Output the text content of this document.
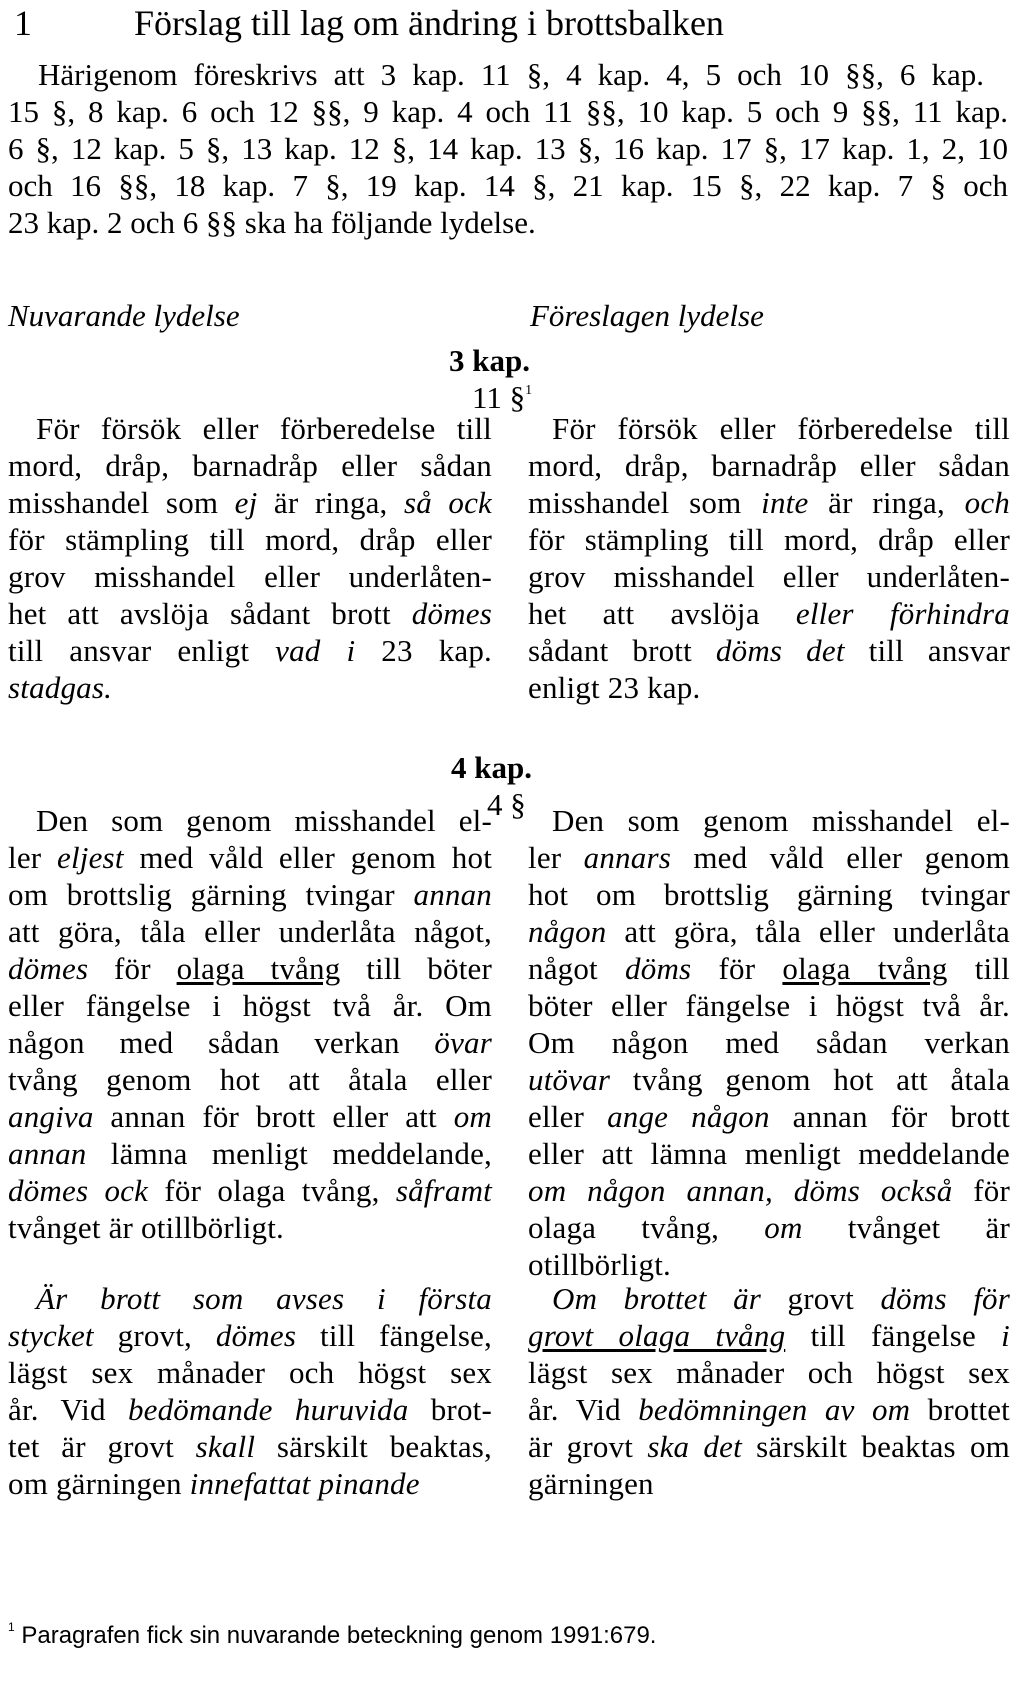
1	Förslag till lag om ändring i brottsbalken
Härigenom föreskrivs att 3 kap. 11 §, 4 kap. 4, 5 och 10 §§, 6 kap.
15 §, 8 kap. 6 och 12 §§, 9 kap. 4 och 11 §§, 10 kap. 5 och 9 §§, 11 kap.
6 §, 12 kap. 5 §, 13 kap. 12 §, 14 kap. 13 §, 16 kap. 17 §, 17 kap. 1, 2, 10
och 16 §§, 18 kap. 7 §, 19 kap. 14 §, 21 kap. 15 §, 22 kap. 7 § och
23 kap. 2 och 6 §§ ska ha följande lydelse.
Nuvarande lydelse	Föreslagen lydelse
3 kap.
11 §$^1$
4 kap.
4 §
För försök eller förberedelse till
mord, dråp, barnadråp eller sådan
misshandel som ej är ringa, så ock
för stämpling till mord, dråp eller
grov misshandel eller underlåten-
het att avslöja sådant brott dömes
till ansvar enligt vad i 23 kap.
stadgas.
Den som genom misshandel el-
ler eljest med våld eller genom hot
om brottslig gärning tvingar annan
att göra, tåla eller underlåta något,
dömes för olaga tvång till böter
eller fängelse i högst två år. Om
någon med sådan verkan övar
tvång genom hot att åtala eller
angiva annan för brott eller att om
annan lämna menligt meddelande,
dömes ock för olaga tvång, såframt
tvånget är otillbörligt.
Är brott som avses i första
stycket grovt, dömes till fängelse,
lägst sex månader och högst sex
år. Vid bedömande huruvida brot-
tet är grovt skall särskilt beaktas,
om gärningen innefattat pinande
För försök eller förberedelse till
mord, dråp, barnadråp eller sådan
misshandel som inte är ringa, och
för stämpling till mord, dråp eller
grov misshandel eller underlåten-
het att avslöja eller förhindra
sådant brott döms det till ansvar
enligt 23 kap.
Den som genom misshandel el-
ler annars med våld eller genom
hot om brottslig gärning tvingar
någon att göra, tåla eller underlåta
något döms för olaga tvång till
böter eller fängelse i högst två år.
Om någon med sådan verkan
utövar tvång genom hot att åtala
eller ange någon annan för brott
eller att lämna menligt meddelande
om någon annan, döms också för
olaga tvång, om tvånget är
otillbörligt.
Om brottet är grovt döms för
grovt olaga tvång till fängelse i
lägst sex månader och högst sex
år. Vid bedömningen av om brottet
är grovt ska det särskilt beaktas om
gärningen
$^1$ Paragrafen fick sin nuvarande beteckning genom 1991:679.
